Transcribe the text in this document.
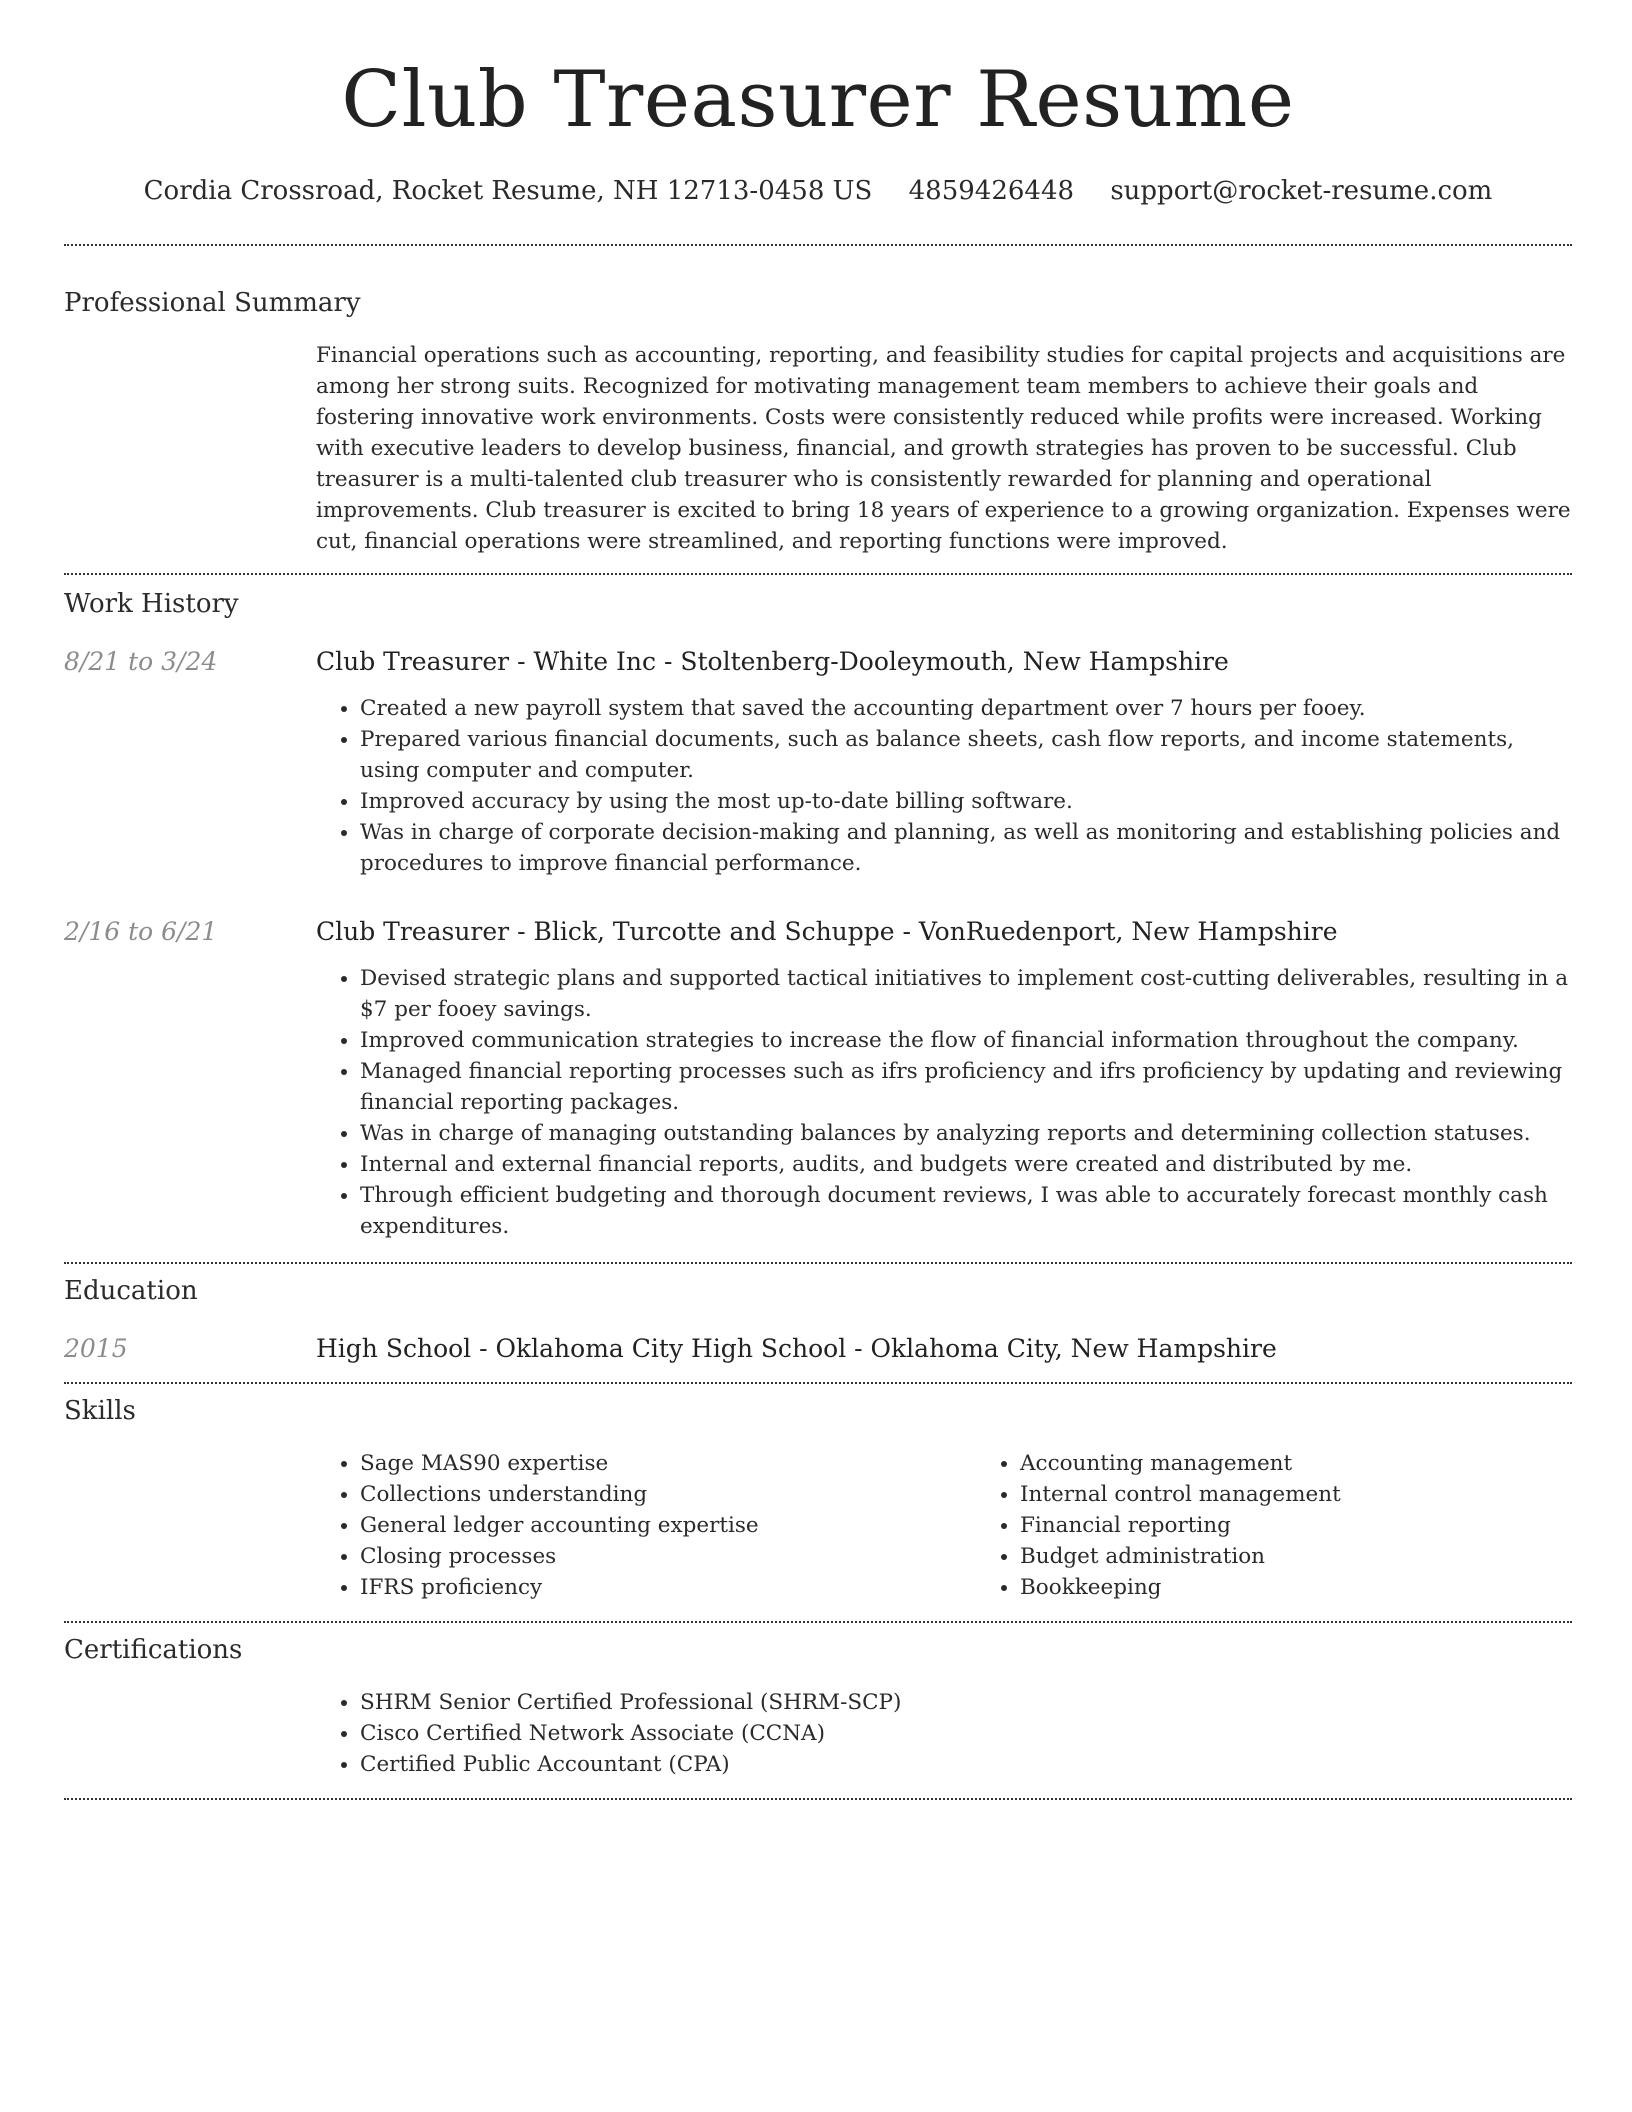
Club Treasurer Resume
Cordia Crossroad, Rocket Resume, NH 12713-0458 US 4859426448 support@rocket-resume.com
Professional Summary

Financial operations such as accounting, reporting, and feasibility studies for capital projects and acquisitions are among her strong suits. Recognized for motivating management team members to achieve their goals and fostering innovative work environments. Costs were consistently reduced while profits were increased. Working with executive leaders to develop business, financial, and growth strategies has proven to be successful. Club treasurer is a multi-talented club treasurer who is consistently rewarded for planning and operational improvements. Club treasurer is excited to bring 18 years of experience to a growing organization. Expenses were cut, financial operations were streamlined, and reporting functions were improved.

Work History
8/21 to 3/24	Club Treasurer - White Inc - Stoltenberg-Dooleymouth, New Hampshire
• Created a new payroll system that saved the accounting department over 7 hours per fooey.
• Prepared various financial documents, such as balance sheets, cash flow reports, and income statements, using computer and computer.
• Improved accuracy by using the most up-to-date billing software.
• Was in charge of corporate decision-making and planning, as well as monitoring and establishing policies and procedures to improve financial performance.
2/16 to 6/21	Club Treasurer - Blick, Turcotte and Schuppe - VonRuedenport, New Hampshire
• Devised strategic plans and supported tactical initiatives to implement cost-cutting deliverables, resulting in a $7 per fooey savings.
• Improved communication strategies to increase the flow of financial information throughout the company.
• Managed financial reporting processes such as ifrs proficiency and ifrs proficiency by updating and reviewing financial reporting packages.
• Was in charge of managing outstanding balances by analyzing reports and determining collection statuses.
• Internal and external financial reports, audits, and budgets were created and distributed by me.
• Through efficient budgeting and thorough document reviews, I was able to accurately forecast monthly cash expenditures.
Education
2015	High School - Oklahoma City High School - Oklahoma City, New Hampshire
Skills
• Sage MAS90 expertise
• Collections understanding
• General ledger accounting expertise
• Closing processes
• IFRS proficiency
• Accounting management
• Internal control management
• Financial reporting
• Budget administration
• Bookkeeping
Certifications
• SHRM Senior Certified Professional (SHRM-SCP)
• Cisco Certified Network Associate (CCNA)
• Certified Public Accountant (CPA)
